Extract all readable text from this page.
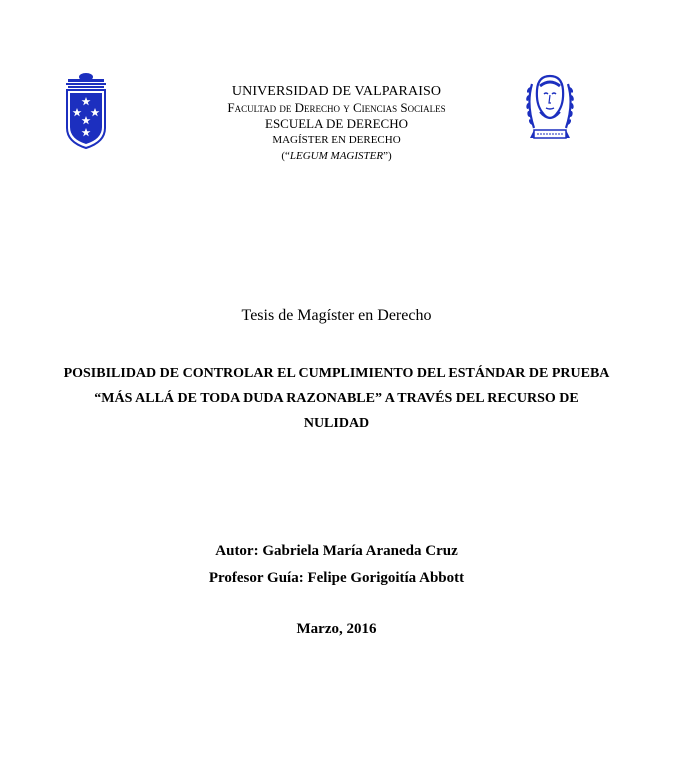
UNIVERSIDAD DE VALPARAISO
Facultad de Derecho y Ciencias Sociales
ESCUELA DE DERECHO
MAGÍSTER EN DERECHO
(“LEGUM MAGISTER”)
Tesis de Magíster en Derecho
POSIBILIDAD DE CONTROLAR EL CUMPLIMIENTO DEL ESTÁNDAR DE PRUEBA “MÁS ALLÁ DE TODA DUDA RAZONABLE” A TRAVÉS DEL RECURSO DE NULIDAD
Autor: Gabriela María Araneda Cruz
Profesor Guía: Felipe Gorigoitía Abbott
Marzo, 2016
